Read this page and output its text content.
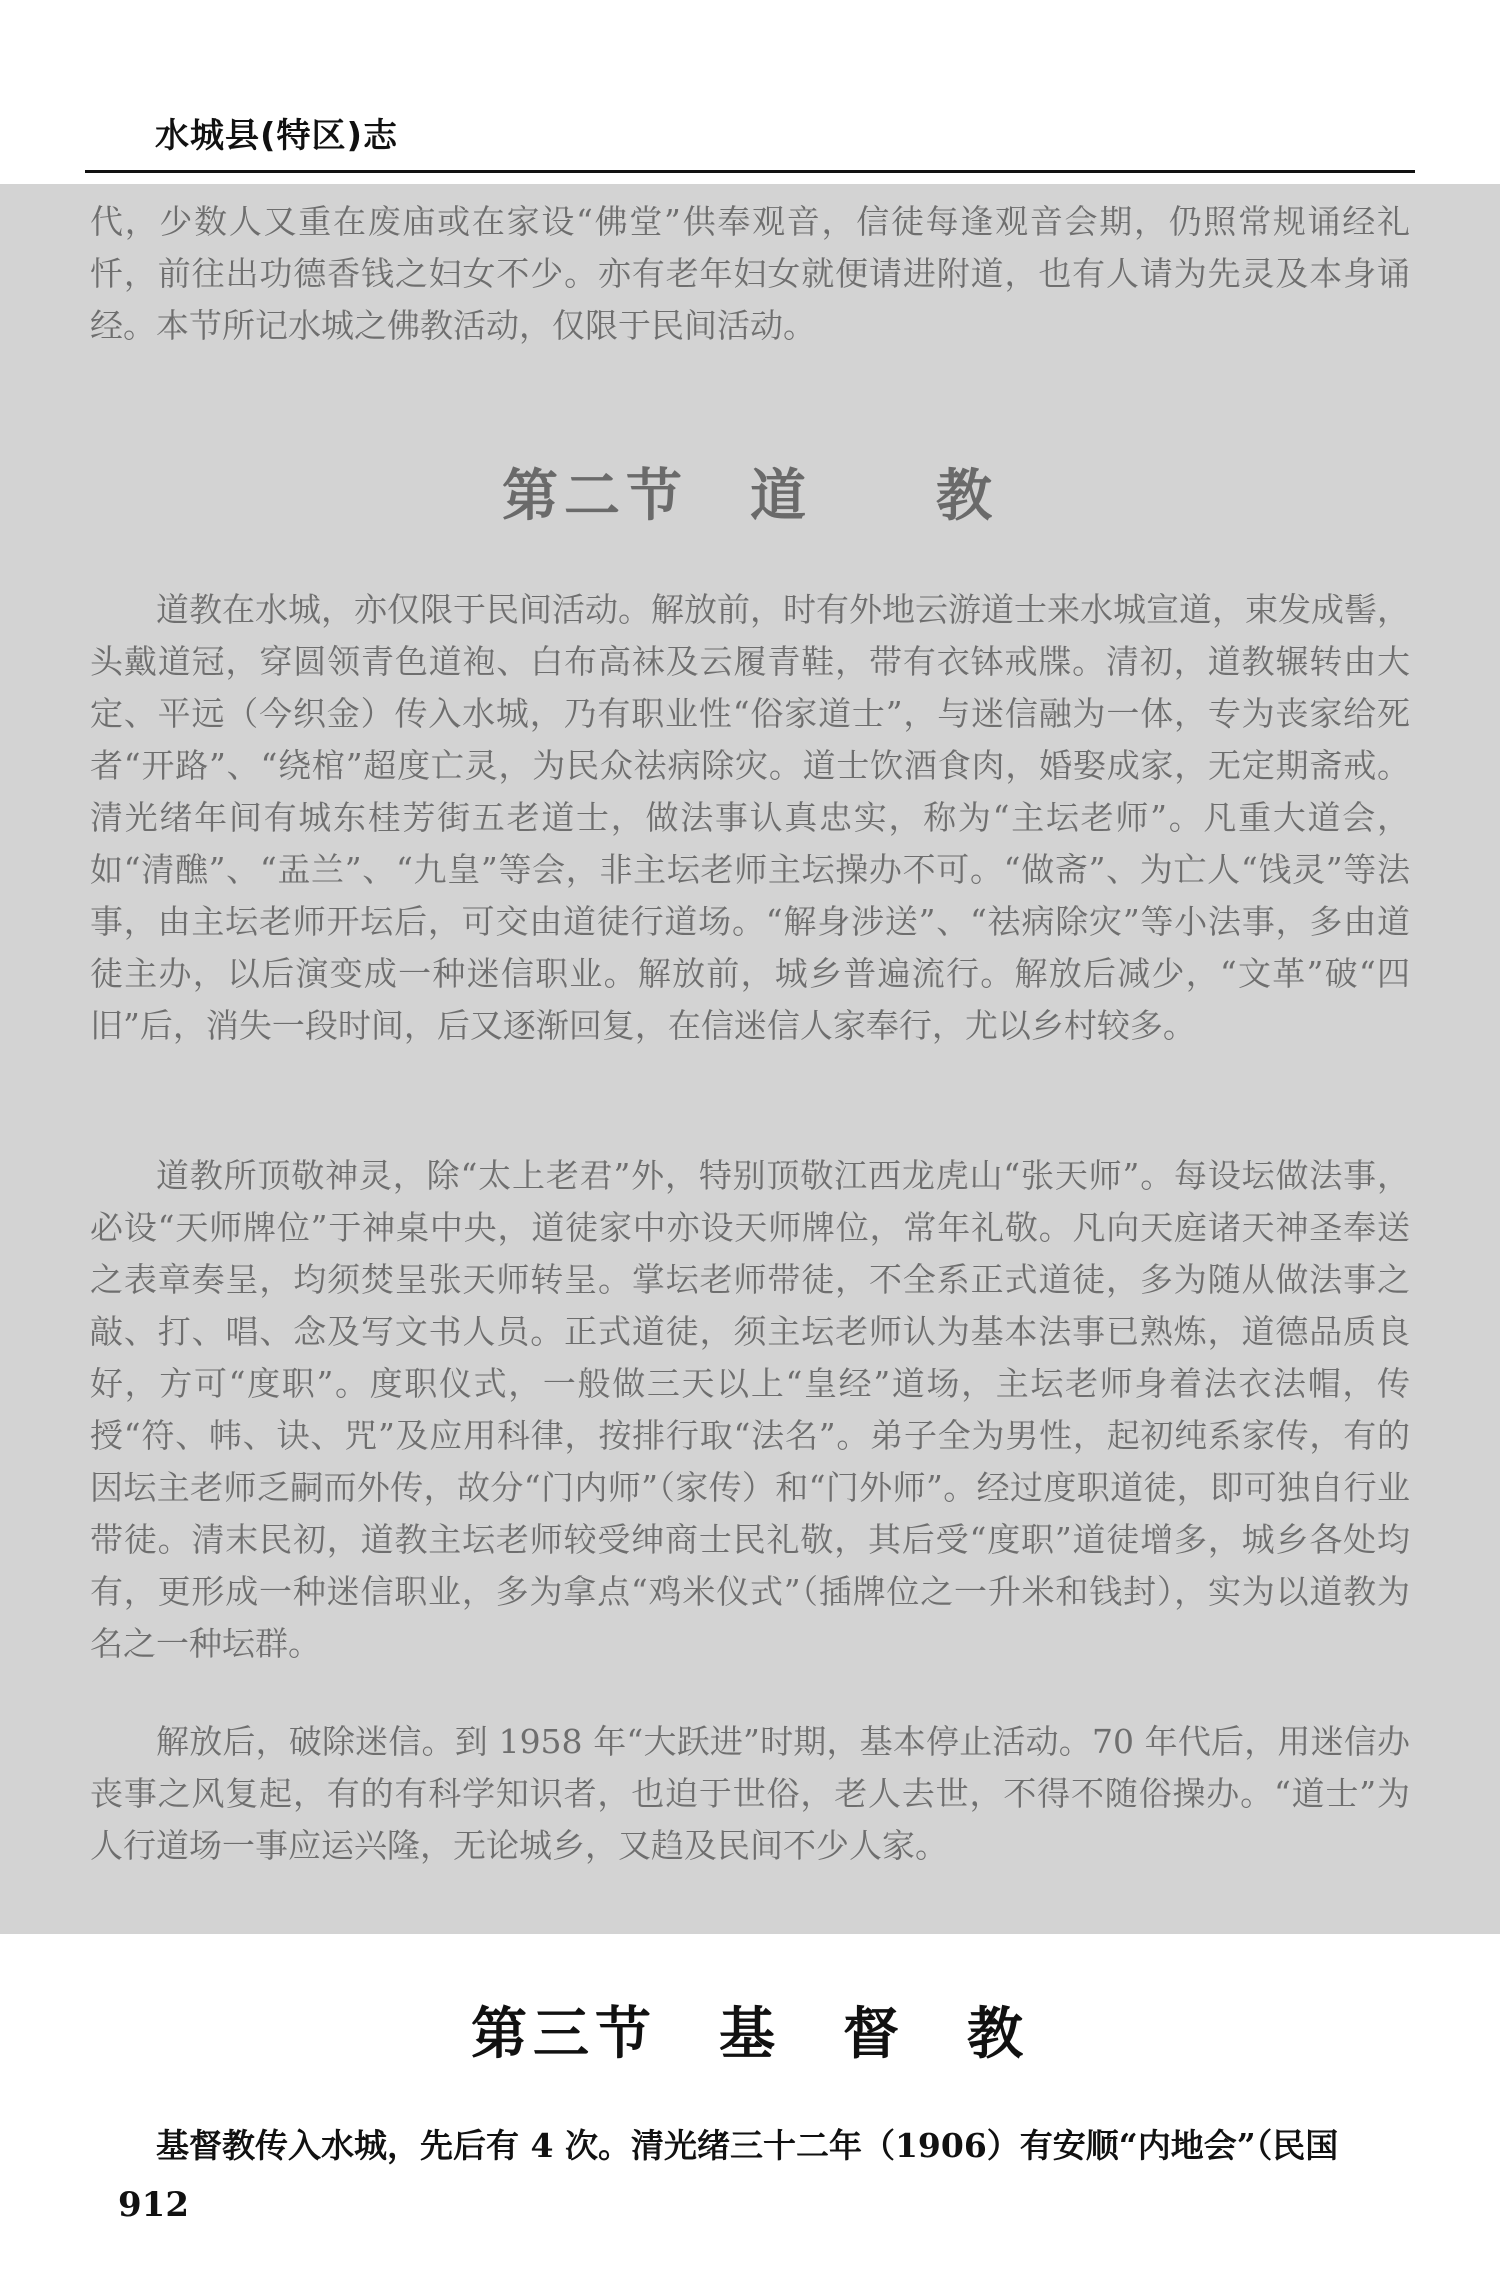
水城县(特区)志

代，少数人又重在废庙或在家设“佛堂”供奉观音，信徒每逢观音会期，仍照常规诵经礼忏，前往出功德香钱之妇女不少。亦有老年妇女就便请进附道，也有人请为先灵及本身诵经。本节所记水城之佛教活动，仅限于民间活动。

第二节　道　　教

道教在水城，亦仅限于民间活动。解放前，时有外地云游道士来水城宣道，束发成髻，头戴道冠，穿圆领青色道袍、白布高袜及云履青鞋，带有衣钵戒牒。清初，道教辗转由大定、平远（今织金）传入水城，乃有职业性“俗家道士”，与迷信融为一体，专为丧家给死者“开路”、“绕棺”超度亡灵，为民众祛病除灾。道士饮酒食肉，婚娶成家，无定期斋戒。清光绪年间有城东桂芳街五老道士，做法事认真忠实，称为“主坛老师”。凡重大道会，如“清醮”、“盂兰”、“九皇”等会，非主坛老师主坛操办不可。“做斋”、为亡人“饯灵”等法事，由主坛老师开坛后，可交由道徒行道场。“解身涉送”、“祛病除灾”等小法事，多由道徒主办，以后演变成一种迷信职业。解放前，城乡普遍流行。解放后减少，“文革”破“四旧”后，消失一段时间，后又逐渐回复，在信迷信人家奉行，尤以乡村较多。

道教所顶敬神灵，除“太上老君”外，特别顶敬江西龙虎山“张天师”。每设坛做法事，必设“天师牌位”于神桌中央，道徒家中亦设天师牌位，常年礼敬。凡向天庭诸天神圣奉送之表章奏呈，均须焚呈张天师转呈。掌坛老师带徒，不全系正式道徒，多为随从做法事之敲、打、唱、念及写文书人员。正式道徒，须主坛老师认为基本法事已熟炼，道德品质良好，方可“度职”。度职仪式，一般做三天以上“皇经”道场，主坛老师身着法衣法帽，传授“符、帏、诀、咒”及应用科律，按排行取“法名”。弟子全为男性，起初纯系家传，有的因坛主老师乏嗣而外传，故分“门内师”（家传）和“门外师”。经过度职道徒，即可独自行业带徒。清末民初，道教主坛老师较受绅商士民礼敬，其后受“度职”道徒增多，城乡各处均有，更形成一种迷信职业，多为拿点“鸡米仪式”（插牌位之一升米和钱封），实为以道教为名之一种坛群。

解放后，破除迷信。到 1958 年“大跃进”时期，基本停止活动。70 年代后，用迷信办丧事之风复起，有的有科学知识者，也迫于世俗，老人去世，不得不随俗操办。“道士”为人行道场一事应运兴隆，无论城乡，又趋及民间不少人家。

第三节　基　督　教

基督教传入水城，先后有 4 次。清光绪三十二年（1906）有安顺“内地会”（民国

912
